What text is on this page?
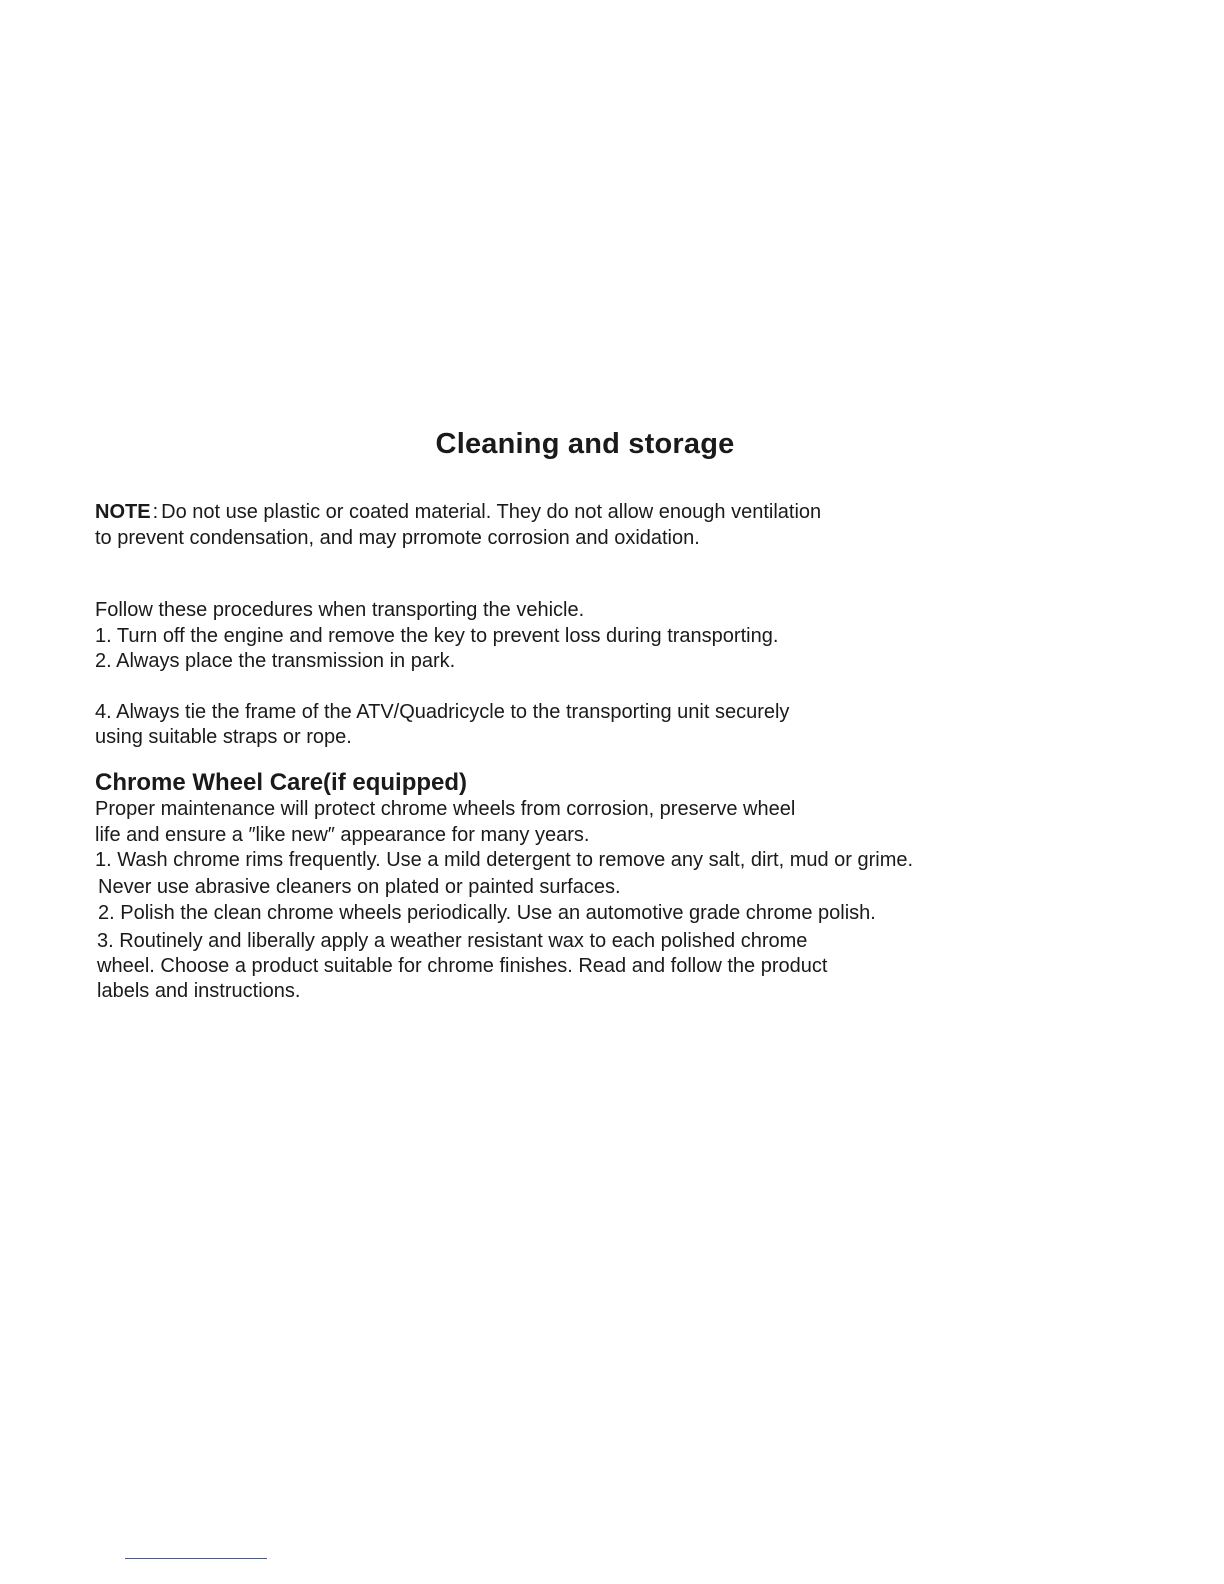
Cleaning and storage
NOTE : Do not use plastic or coated material. They do not allow enough ventilation
to prevent condensation, and may prromote corrosion and oxidation.
Follow these procedures when transporting the vehicle.
1. Turn off the engine and remove the key to prevent loss during transporting.
2. Always place the transmission in park.
4. Always tie the frame of the ATV/Quadricycle to the transporting unit securely
using suitable straps or rope.
Chrome Wheel Care(if equipped)
Proper maintenance will protect chrome wheels from corrosion, preserve wheel
life and ensure a ″like new″ appearance for many years.
1. Wash chrome rims frequently. Use a mild detergent to remove any salt, dirt, mud or grime.
Never use abrasive cleaners on plated or painted surfaces.
2. Polish the clean chrome wheels periodically. Use an automotive grade chrome polish.
3. Routinely and liberally apply a weather resistant wax to each polished chrome
wheel. Choose a product suitable for chrome finishes. Read and follow the product
labels and instructions.
